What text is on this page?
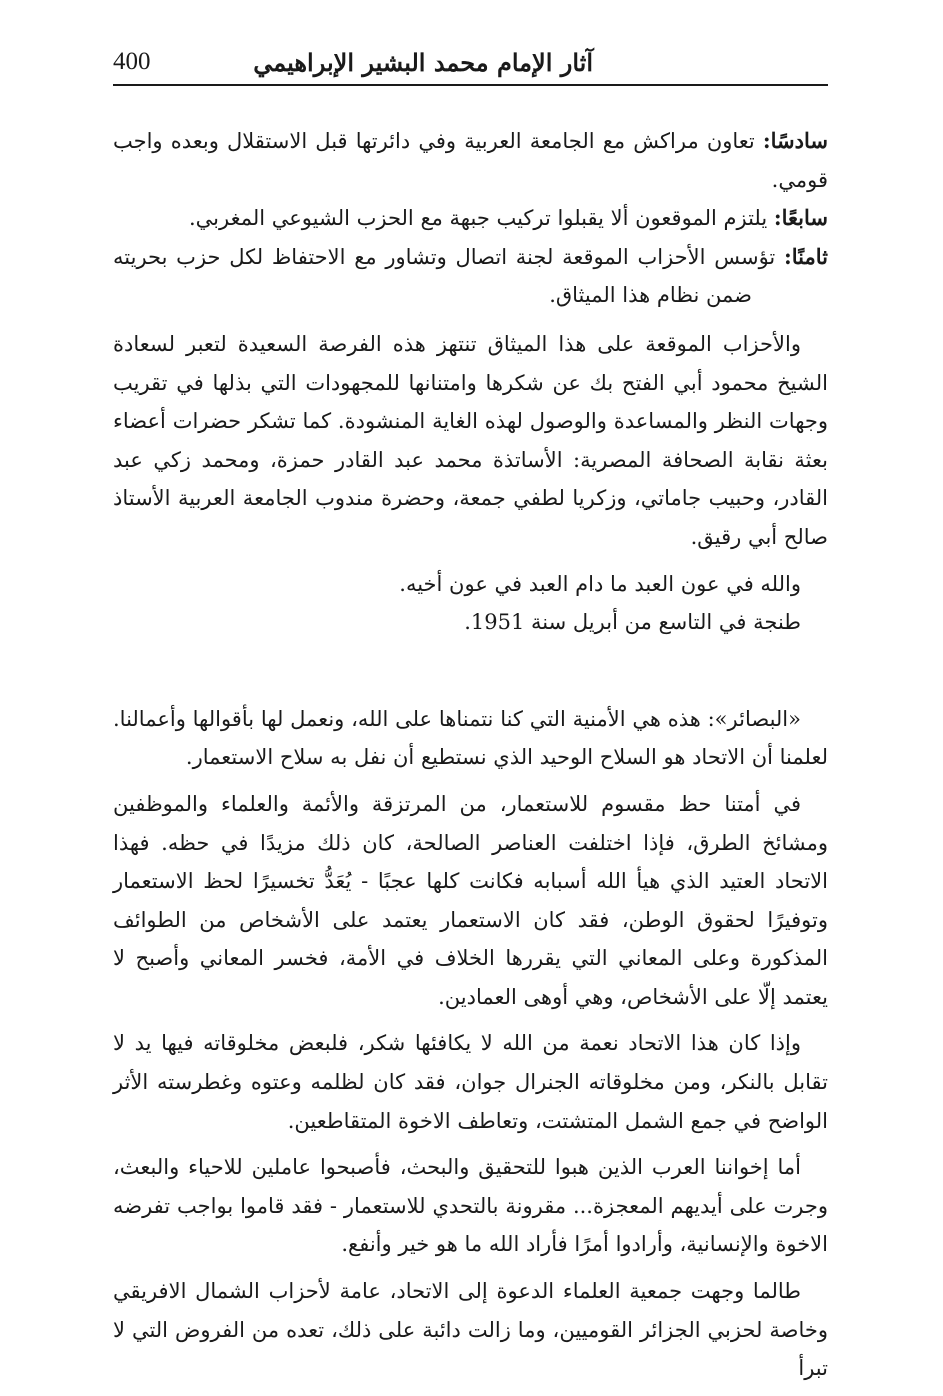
آثار الإمام محمد البشير الإبراهيمي
400

سادسًا: تعاون مراكش مع الجامعة العربية وفي دائرتها قبل الاستقلال وبعده واجب قومي.

سابعًا: يلتزم الموقعون ألا يقبلوا تركيب جبهة مع الحزب الشيوعي المغربي.

ثامنًا: تؤسس الأحزاب الموقعة لجنة اتصال وتشاور مع الاحتفاظ لكل حزب بحريته ضمن نظام هذا الميثاق.

والأحزاب الموقعة على هذا الميثاق تنتهز هذه الفرصة السعيدة لتعبر لسعادة الشيخ محمود أبي الفتح بك عن شكرها وامتنانها للمجهودات التي بذلها في تقريب وجهات النظر والمساعدة والوصول لهذه الغاية المنشودة. كما تشكر حضرات أعضاء بعثة نقابة الصحافة المصرية: الأساتذة محمد عبد القادر حمزة، ومحمد زكي عبد القادر، وحبيب جاماتي، وزكريا لطفي جمعة، وحضرة مندوب الجامعة العربية الأستاذ صالح أبي رقيق.

والله في عون العبد ما دام العبد في عون أخيه.

طنجة في التاسع من أبريل سنة 1951.

«البصائر»: هذه هي الأمنية التي كنا نتمناها على الله، ونعمل لها بأقوالها وأعمالنا. لعلمنا أن الاتحاد هو السلاح الوحيد الذي نستطيع أن نفل به سلاح الاستعمار.

في أمتنا حظ مقسوم للاستعمار، من المرتزقة والأئمة والعلماء والموظفين ومشائخ الطرق، فإذا اختلفت العناصر الصالحة، كان ذلك مزيدًا في حظه. فهذا الاتحاد العتيد الذي هيأ الله أسبابه فكانت كلها عجبًا - يُعَدُّ تخسيرًا لحظ الاستعمار وتوفيرًا لحقوق الوطن، فقد كان الاستعمار يعتمد على الأشخاص من الطوائف المذكورة وعلى المعاني التي يقررها الخلاف في الأمة، فخسر المعاني وأصبح لا يعتمد إلّا على الأشخاص، وهي أوهى العمادين.

وإذا كان هذا الاتحاد نعمة من الله لا يكافئها شكر، فلبعض مخلوقاته فيها يد لا تقابل بالنكر، ومن مخلوقاته الجنرال جوان، فقد كان لظلمه وعتوه وغطرسته الأثر الواضح في جمع الشمل المتشتت، وتعاطف الاخوة المتقاطعين.

أما إخواننا العرب الذين هبوا للتحقيق والبحث، فأصبحوا عاملين للاحياء والبعث، وجرت على أيديهم المعجزة... مقرونة بالتحدي للاستعمار - فقد قاموا بواجب تفرضه الاخوة والإنسانية، وأرادوا أمرًا فأراد الله ما هو خير وأنفع.

طالما وجهت جمعية العلماء الدعوة إلى الاتحاد، عامة لأحزاب الشمال الافريقي وخاصة لحزبي الجزائر القوميين، وما زالت دائبة على ذلك، تعده من الفروض التي لا تبرأ
